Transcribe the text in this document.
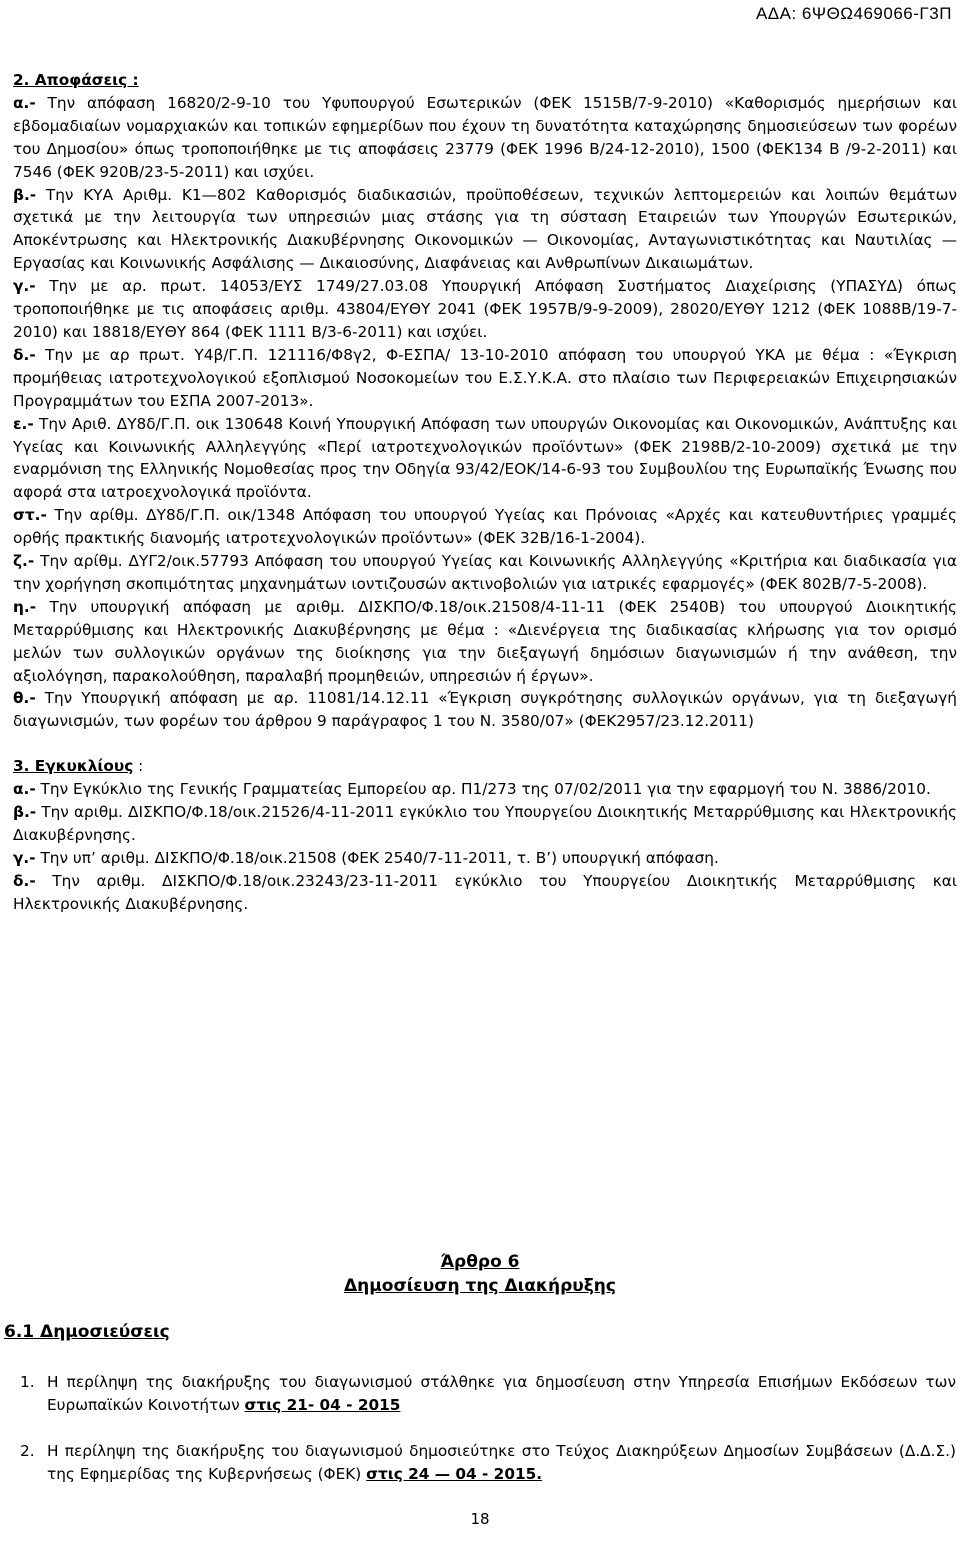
ΑΔΑ: 6ΨΘΩ469066-Γ3Π

2. Αποφάσεις :

α.- Την απόφαση 16820/2-9-10 του Υφυπουργού Εσωτερικών (ΦΕΚ 1515Β/7-9-2010) «Καθορισμός ημερήσιων και εβδομαδιαίων νομαρχιακών και τοπικών εφημερίδων που έχουν τη δυνατότητα καταχώρησης δημοσιεύσεων των φορέων του Δημοσίου» όπως τροποποιήθηκε με τις αποφάσεις 23779 (ΦΕΚ 1996 Β/24-12-2010), 1500 (ΦΕΚ134 Β /9-2-2011) και 7546 (ΦΕΚ 920Β/23-5-2011) και ισχύει.

β.- Την ΚΥΑ Αριθμ. Κ1—802 Καθορισμός διαδικασιών, προϋποθέσεων, τεχνικών λεπτομερειών και λοιπών θεμάτων σχετικά με την λειτουργία των υπηρεσιών μιας στάσης για τη σύσταση Εταιρειών των Υπουργών Εσωτερικών, Αποκέντρωσης και Ηλεκτρονικής Διακυβέρνησης Οικονομικών — Οικονομίας, Ανταγωνιστικότητας και Ναυτιλίας — Εργασίας και Κοινωνικής Ασφάλισης — Δικαιοσύνης, Διαφάνειας και Ανθρωπίνων Δικαιωμάτων.

γ.- Την με αρ. πρωτ. 14053/ΕΥΣ 1749/27.03.08 Υπουργική Απόφαση Συστήματος Διαχείρισης (ΥΠΑΣΥΔ) όπως τροποποιήθηκε με τις αποφάσεις αριθμ. 43804/ΕΥΘΥ 2041 (ΦΕΚ 1957Β/9-9-2009), 28020/ΕΥΘΥ 1212 (ΦΕΚ 1088Β/19-7-2010) και 18818/ΕΥΘΥ 864 (ΦΕΚ 1111 Β/3-6-2011) και ισχύει.

δ.- Την με αρ πρωτ. Υ4β/Γ.Π. 121116/Φ8γ2, Φ-ΕΣΠΑ/ 13-10-2010 απόφαση του υπουργού ΥΚΑ με θέμα : «Έγκριση προμήθειας ιατροτεχνολογικού εξοπλισμού Νοσοκομείων του Ε.Σ.Υ.Κ.Α. στο πλαίσιο των Περιφερειακών Επιχειρησιακών Προγραμμάτων του ΕΣΠΑ 2007-2013».

ε.- Την Αριθ. ΔΥ8δ/Γ.Π. οικ 130648 Κοινή Υπουργική Απόφαση των υπουργών Οικονομίας και Οικονομικών, Ανάπτυξης και Υγείας και Κοινωνικής Αλληλεγγύης «Περί ιατροτεχνολογικών προϊόντων» (ΦΕΚ 2198Β/2-10-2009) σχετικά με την εναρμόνιση της Ελληνικής Νομοθεσίας προς την Οδηγία 93/42/ΕΟΚ/14-6-93 του Συμβουλίου της Ευρωπαϊκής Ένωσης που αφορά στα ιατροεχνολογικά προϊόντα.

στ.- Την αρίθμ. ΔΥ8δ/Γ.Π. οικ/1348 Απόφαση του υπουργού Υγείας και Πρόνοιας «Αρχές και κατευθυντήριες γραμμές ορθής πρακτικής διανομής ιατροτεχνολογικών προϊόντων» (ΦΕΚ 32Β/16-1-2004).

ζ.- Την αρίθμ. ΔΥΓ2/οικ.57793 Απόφαση του υπουργού Υγείας και Κοινωνικής Αλληλεγγύης «Κριτήρια και διαδικασία για την χορήγηση σκοπιμότητας μηχανημάτων ιοντιζουσών ακτινοβολιών για ιατρικές εφαρμογές» (ΦΕΚ 802Β/7-5-2008).

η.- Την υπουργική απόφαση με αριθμ. ΔΙΣΚΠΟ/Φ.18/οικ.21508/4-11-11 (ΦΕΚ 2540Β) του υπουργού Διοικητικής Μεταρρύθμισης και Ηλεκτρονικής Διακυβέρνησης με θέμα : «Διενέργεια της διαδικασίας κλήρωσης για τον ορισμό μελών των συλλογικών οργάνων της διοίκησης για την διεξαγωγή δημόσιων διαγωνισμών ή την ανάθεση, την αξιολόγηση, παρακολούθηση, παραλαβή προμηθειών, υπηρεσιών ή έργων».

θ.- Την Υπουργική απόφαση με αρ. 11081/14.12.11 «Έγκριση συγκρότησης συλλογικών οργάνων, για τη διεξαγωγή διαγωνισμών, των φορέων του άρθρου 9 παράγραφος 1 του Ν. 3580/07» (ΦΕΚ2957/23.12.2011)

3. Εγκυκλίους :

α.- Την Εγκύκλιο της Γενικής Γραμματείας Εμπορείου αρ. Π1/273 της 07/02/2011 για την εφαρμογή του Ν. 3886/2010.

β.- Την αριθμ. ΔΙΣΚΠΟ/Φ.18/οικ.21526/4-11-2011 εγκύκλιο του Υπουργείου Διοικητικής Μεταρρύθμισης και Ηλεκτρονικής Διακυβέρνησης.

γ.- Την υπ’ αριθμ. ΔΙΣΚΠΟ/Φ.18/οικ.21508 (ΦΕΚ 2540/7-11-2011, τ. Β’) υπουργική απόφαση.

δ.- Την αριθμ. ΔΙΣΚΠΟ/Φ.18/οικ.23243/23-11-2011 εγκύκλιο του Υπουργείου Διοικητικής Μεταρρύθμισης και Ηλεκτρονικής Διακυβέρνησης.

Άρθρο 6
Δημοσίευση της Διακήρυξης
6.1 Δημοσιεύσεις
1. Η περίληψη της διακήρυξης του διαγωνισμού στάλθηκε για δημοσίευση στην Υπηρεσία Επισήμων Εκδόσεων των Ευρωπαϊκών Κοινοτήτων στις 21- 04 - 2015
2. Η περίληψη της διακήρυξης του διαγωνισμού δημοσιεύτηκε στο Τεύχος Διακηρύξεων Δημοσίων Συμβάσεων (Δ.Δ.Σ.) της Εφημερίδας της Κυβερνήσεως (ΦΕΚ) στις 24 — 04 - 2015.
18
